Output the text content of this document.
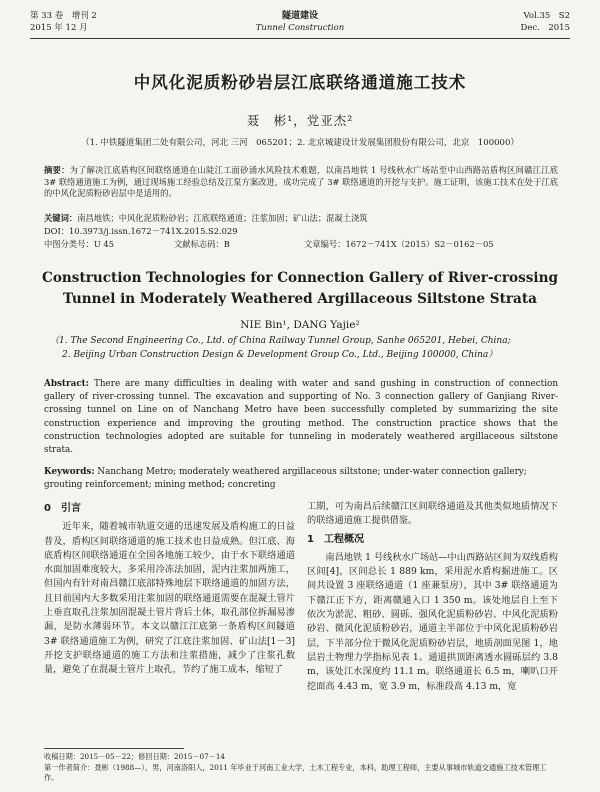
第 33 卷　增刊 2
2015 年 12 月
隧道建设
Tunnel Construction
Vol.35　S2
Dec.　2015
中风化泥质粉砂岩层江底联络通道施工技术
聂　彬¹，党亚杰²
（1. 中铁隧道集团二处有限公司，河北 三河　065201；2. 北京城建设计发展集团股份有限公司，北京　100000）
摘要：为了解决江底盾构区间联络通道在山陡江工面砂涌水风险技术难题，以南昌地铁 1 号线秋水广场站至中山西路站盾构区间赣江江底 3# 联络通道施工为例，通过现场施工经验总结及江泵方案改进，成功完成了 3# 联络通道的开挖与支护。施工证明，该施工技术在处于江底的中风化泥质粉砂岩层中是适用的。
关键词：南昌地铁；中风化泥质粉砂岩；江底联络通道；注浆加固；矿山法；混凝土浇筑
DOI：10.3973/j.issn.1672－741X.2015.S2.029
中图分类号：U 45	文献标志码：B	文章编号：1672－741X（2015）S2－0162－05
Construction Technologies for Connection Gallery of River-crossing
Tunnel in Moderately Weathered Argillaceous Siltstone Strata
NIE Bin¹, DANG Yajie²
（1. The Second Engineering Co., Ltd. of China Railway Tunnel Group, Sanhe 065201, Hebei, China;
2. Beijing Urban Construction Design & Development Group Co., Ltd., Beijing 100000, China）
Abstract: There are many difficulties in dealing with water and sand gushing in construction of connection gallery of river-crossing tunnel. The excavation and supporting of No. 3 connection gallery of Ganjiang River-crossing tunnel on Line on of Nanchang Metro have been successfully completed by summarizing the site construction experience and improving the grouting method. The construction practice shows that the construction technologies adopted are suitable for tunneling in moderately weathered argillaceous siltstone strata.
Keywords: Nanchang Metro; moderately weathered argillaceous siltstone; under-water connection gallery; grouting reinforcement; mining method; concreting
0　引言

近年来，随着城市轨道交通的迅速发展及盾构施工的日益普及，盾构区间联络通道的施工技术也日益成熟。但江底、海底盾构区间联络通道在全国各地施工较少，由于水下联络通道水面加固难度较大，多采用冷冻法加固，泥内注浆加两施工，但国内有针对南昌赣江底部特殊地层下联络通道的加固方法，且目前国内大多数采用注浆加固的联络通道需要在混凝土管片上垂直取孔注浆加固混凝土管片背后土体，取孔部位拆漏易渗漏，是防水薄弱环节。本文以赣江江底第一条盾构区间隧道 3# 联络通道施工为例，研究了江底注浆加固、矿山法[1－3]开挖支护联络通道的施工方法和注浆措施，减少了注浆孔数量，避免了在混凝土管片上取孔，节约了施工成本，缩短了

工期，可为南昌后续赣江区间联络通道及其他类似地质情况下的联络通道施工提供借鉴。

1　工程概况

南昌地铁 1 号线秋水广场站—中山西路站区间为双线盾构区间[4]，区间总长 1 889 km，采用泥水盾构掘进施工。区间共设置 3 座联络通道（1 座兼泵房），其中 3# 联络通道为下赣江正下方，距离赣通入口 1 350 m。该处地层自上至下依次为淤泥、粗砂、圆砾、强风化泥质粉砂岩、中风化泥质粉砂岩、微风化泥质粉砂岩，通道主半部位于中风化泥质粉砂岩层，下半部分位于微风化泥质粉砂岩层，地质剖面见图 1，地层岩土物理力学指标见表 1。通道拱顶距离透水圆砾层约 3.8 m，该处江水深度约 11.1 m。联络通道长 6.5 m，喇叭口开挖面高 4.43 m，宽 3.9 m，标准段高 4.13 m，宽

收稿日期：2015－05－22；修回日期：2015－07－14
第一作者简介：聂彬（1988—），男，河南洛阳人，2011 年毕业于河南工业大学，土木工程专业，本科，助理工程师，主要从事城市轨道交通施工技术管理工作。
